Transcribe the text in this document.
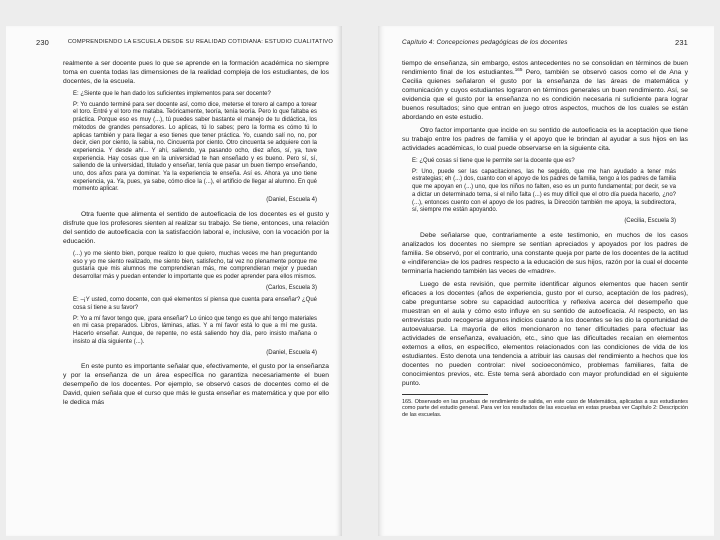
230	COMPRENDIENDO LA ESCUELA DESDE SU REALIDAD COTIDIANA: ESTUDIO CUALITATIVO	Capítulo 4: Concepciones pedagógicas de los docentes	231

realmente a ser docente pues lo que se aprende en la formación académica no siempre toma en cuenta todas las dimensiones de la realidad compleja de los estudiantes, de los docentes, de la escuela.

E: ¿Siente que le han dado los suficientes implementos para ser docente?

P: Yo cuando terminé para ser docente así, como dice, meterse el torero al campo a torear el toro. Entré y el toro me mataba. Teóricamente, teoría, tenía teoría. Pero lo que faltaba es práctica. Porque eso es muy (...), tú puedes saber bastante el manejo de tu didáctica, los métodos de grandes pensadores. Lo aplicas, tú lo sabes; pero la forma es cómo tú lo aplicas también y para llegar a eso tienes que tener práctica. Yo, cuando salí no, no, por decir, cien por ciento, la sabía, no. Cincuenta por ciento. Otro cincuenta se adquiere con la experiencia. Y desde ahí... Y ahí, saliendo, ya pasando ocho, diez años, sí, ya, tuve experiencia. Hay cosas que en la universidad te han enseñado y es bueno. Pero sí, sí, saliendo de la universidad, titulado y enseñar, tenía que pasar un buen tiempo enseñando, uno, dos años para ya dominar. Ya la experiencia te enseña. Así es. Ahora ya uno tiene experiencia, ya. Ya, pues, ya sabe, cómo dice la (...), el artificio de llegar al alumno. En qué momento aplicar.

(Daniel, Escuela 4)

Otra fuente que alimenta el sentido de autoeficacia de los docentes es el gusto y disfrute que los profesores sienten al realizar su trabajo. Se tiene, entonces, una relación del sentido de autoeficacia con la satisfacción laboral e, inclusive, con la vocación por la educación.

(...) yo me siento bien, porque realizo lo que quiero, muchas veces me han preguntando eso y yo me siento realizado, me siento bien, satisfecho, tal vez no plenamente porque me gustaría que mis alumnos me comprendieran más, me comprendieran mejor y puedan desarrollar más y puedan entender lo importante que es poder aprender para ellos mismos.

(Carlos, Escuela 3)

E: –¡Y usted, como docente, con qué elementos sí piensa que cuenta para enseñar? ¿Qué cosa sí tiene a su favor?

P: Yo a mí favor tengo que, ¡para enseñar? Lo único que tengo es que ahí tengo materiales en mi casa preparados. Libros, láminas, atlas. Y a mí favor está lo que a mí me gusta. Hacerlo enseñar. Aunque, de repente, no está saliendo hoy día, pero insisto mañana o insisto al día siguiente (...).

(Daniel, Escuela 4)

En este punto es importante señalar que, efectivamente, el gusto por la enseñanza y por la enseñanza de un área específica no garantiza necesariamente el buen desempeño de los docentes. Por ejemplo, se observó casos de docentes como el de David, quien señala que el curso que más le gusta enseñar es matemática y que por ello le dedica más

tiempo de enseñanza, sin embargo, estos antecedentes no se consolidan en términos de buen rendimiento final de los estudiantes.$^{165}$ Pero, también se observó casos como el de Ana y Cecilia quienes señalaron el gusto por la enseñanza de las áreas de matemática y comunicación y cuyos estudiantes lograron en términos generales un buen rendimiento. Así, se evidencia que el gusto por la enseñanza no es condición necesaria ni suficiente para lograr buenos resultados; sino que entran en juego otros aspectos, muchos de los cuales se están abordando en este estudio.

Otro factor importante que incide en su sentido de autoeficacia es la aceptación que tiene su trabajo entre los padres de familia y el apoyo que le brindan al ayudar a sus hijos en las actividades académicas, lo cual puede observarse en la siguiente cita.

E: ¿Qué cosas sí tiene que le permite ser la docente que es?

P: Uno, puede ser las capacitaciones, las he seguido, que me han ayudado a tener más estrategias; eh (...) dos, cuanto con el apoyo de los padres de familia, tengo a los padres de familia que me apoyan en (...) uno, que los niños no falten, eso es un punto fundamental; por decir, se va a dictar un determinado tema, si el niño falta (...) es muy difícil que el otro día pueda hacerlo, ¿no? (...), entonces cuento con el apoyo de los padres, la Dirección también me apoya, la subdirectora, sí, siempre me están apoyando.

(Cecilia, Escuela 3)

Debe señalarse que, contrariamente a este testimonio, en muchos de los casos analizados los docentes no siempre se sentían apreciados y apoyados por los padres de familia. Se observó, por el contrario, una constante queja por parte de los docentes de la actitud e «indiferencia» de los padres respecto a la educación de sus hijos, razón por la cual el docente terminaría haciendo también las veces de «madre».

Luego de esta revisión, que permite identificar algunos elementos que hacen sentir eficaces a los docentes (años de experiencia, gusto por el curso, aceptación de los padres), cabe preguntarse sobre su capacidad autocrítica y reflexiva acerca del desempeño que muestran en el aula y cómo esto influye en su sentido de autoeficacia. Al respecto, en las entrevistas pudo recogerse algunos indicios cuando a los docentes se les dio la oportunidad de autoevaluarse. La mayoría de ellos mencionaron no tener dificultades para efectuar las actividades de enseñanza, evaluación, etc., sino que las dificultades recaían en elementos externos a ellos, en específico, elementos relacionados con las condiciones de vida de los estudiantes. Esto denota una tendencia a atribuir las causas del rendimiento a hechos que los docentes no pueden controlar: nivel socioeconómico, problemas familiares, falta de conocimientos previos, etc. Este tema será abordado con mayor profundidad en el siguiente punto.

165. Observado en las pruebas de rendimiento de salida, en este caso de Matemática, aplicadas a sus estudiantes como parte del estudio general. Para ver los resultados de las escuelas en estas pruebas ver Capítulo 2: Descripción de las escuelas.
